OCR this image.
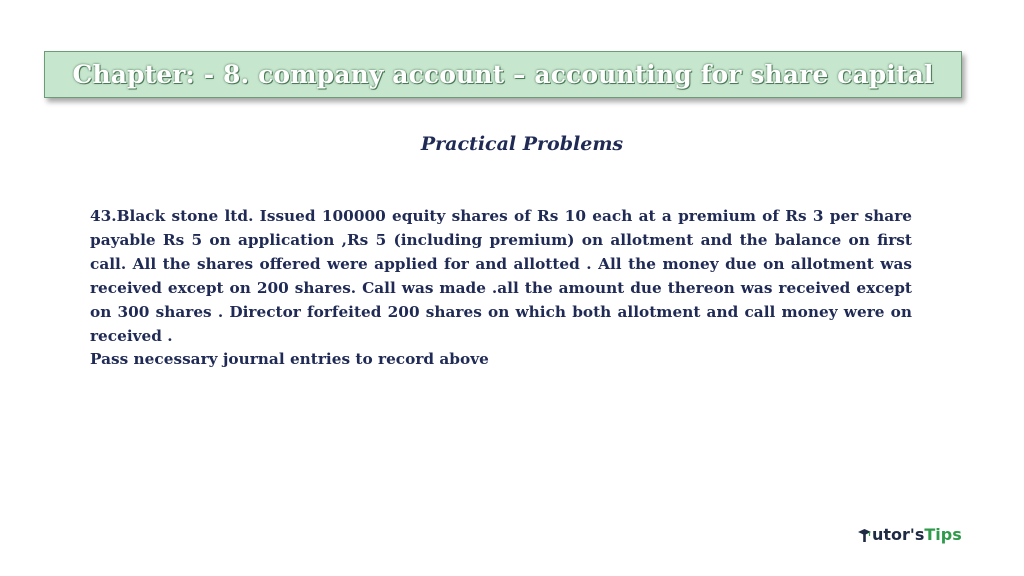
Chapter: - 8. company account – accounting for share capital
Practical Problems

43.Black stone ltd. Issued 100000 equity shares of Rs 10 each at a premium of Rs 3 per share payable Rs 5 on application ,Rs 5 (including premium) on allotment and the balance on first call. All the shares offered were applied for and allotted . All the money due on allotment was received except on 200 shares. Call was made .all the amount due thereon was received except on 300 shares . Director forfeited 200 shares on which both allotment and call money were on received .

Pass necessary journal entries to record above
utor's Tips
